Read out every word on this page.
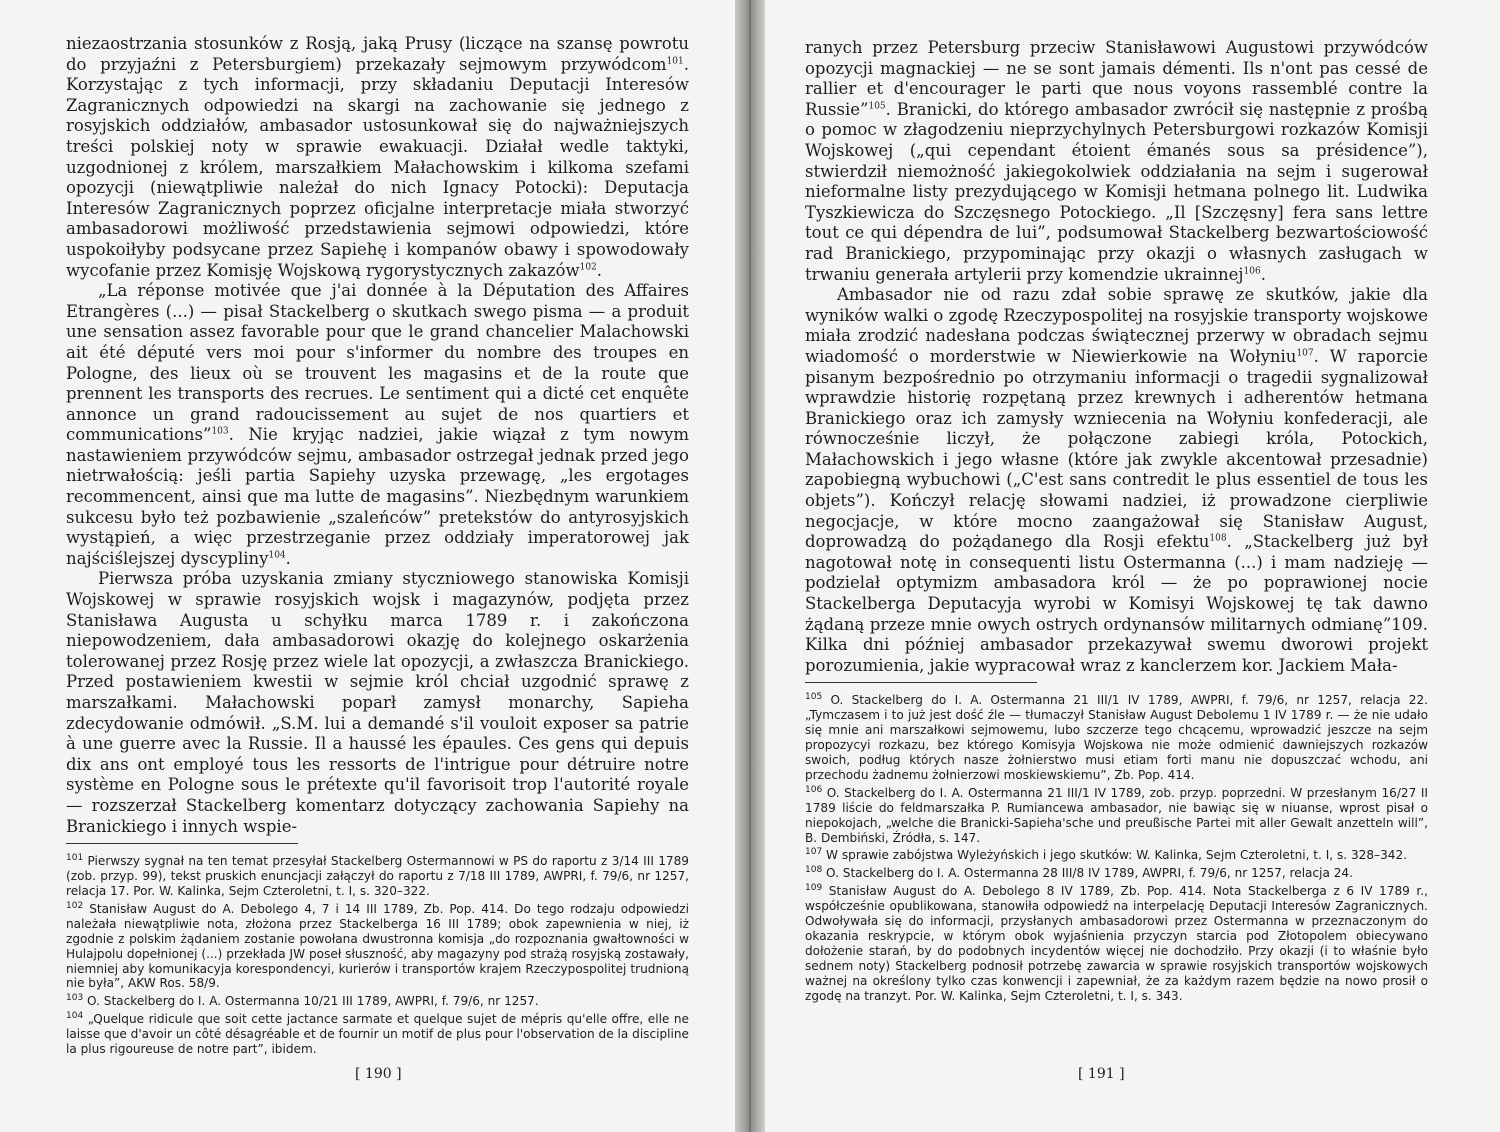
niezaostrzania stosunków z Rosją, jaką Prusy (liczące na szansę powrotu do przyjaźni z Petersburgiem) przekazały sejmowym przywódcom$^{101}$. Korzystając z tych informacji, przy składaniu Deputacji Interesów Zagranicznych odpowiedzi na skargi na zachowanie się jednego z rosyjskich oddziałów, ambasador ustosunkował się do najważniejszych treści polskiej noty w sprawie ewakuacji. Działał wedle taktyki, uzgodnionej z królem, marszałkiem Małachowskim i kilkoma szefami opozycji (niewątpliwie należał do nich Ignacy Potocki): Deputacja Interesów Zagranicznych poprzez oficjalne interpretacje miała stworzyć ambasadorowi możliwość przedstawienia sejmowi odpowiedzi, które uspokoiłyby podsycane przez Sapiehę i kompanów obawy i spowodowały wycofanie przez Komisję Wojskową rygorystycznych zakazów$^{102}$.

„La réponse motivée que j'ai donnée à la Députation des Affaires Etrangères (...) — pisał Stackelberg o skutkach swego pisma — a produit une sensation assez favorable pour que le grand chancelier Malachowski ait été député vers moi pour s'informer du nombre des troupes en Pologne, des lieux où se trouvent les magasins et de la route que prennent les transports des recrues. Le sentiment qui a dicté cet enquête annonce un grand radoucissement au sujet de nos quartiers et communications”$^{103}$. Nie kryjąc nadziei, jakie wiązał z tym nowym nastawieniem przywódców sejmu, ambasador ostrzegał jednak przed jego nietrwałością: jeśli partia Sapiehy uzyska przewagę, „les ergotages recommencent, ainsi que ma lutte de magasins”. Niezbędnym warunkiem sukcesu było też pozbawienie „szaleńców” pretekstów do antyrosyjskich wystąpień, a więc przestrzeganie przez oddziały imperatorowej jak najściślejszej dyscypliny$^{104}$.

Pierwsza próba uzyskania zmiany styczniowego stanowiska Komisji Wojskowej w sprawie rosyjskich wojsk i magazynów, podjęta przez Stanisława Augusta u schyłku marca 1789 r. i zakończona niepowodzeniem, dała ambasadorowi okazję do kolejnego oskarżenia tolerowanej przez Rosję przez wiele lat opozycji, a zwłaszcza Branickiego. Przed postawieniem kwestii w sejmie król chciał uzgodnić sprawę z marszałkami. Małachowski poparł zamysł monarchy, Sapieha zdecydowanie odmówił. „S.M. lui a demandé s'il vouloit exposer sa patrie à une guerre avec la Russie. Il a haussé les épaules. Ces gens qui depuis dix ans ont employé tous les ressorts de l'intrigue pour détruire notre système en Pologne sous le prétexte qu'il favorisoit trop l'autorité royale — rozszerzał Stackelberg komentarz dotyczący zachowania Sapiehy na Branickiego i innych wspie-

$^{101}$ Pierwszy sygnał na ten temat przesyłał Stackelberg Ostermannowi w PS do raportu z 3/14 III 1789 (zob. przyp. 99), tekst pruskich enuncjacji załączył do raportu z 7/18 III 1789, AWPRI, f. 79/6, nr 1257, relacja 17. Por. W. Kalinka, Sejm Czteroletni, t. I, s. 320–322.

$^{102}$ Stanisław August do A. Debolego 4, 7 i 14 III 1789, Zb. Pop. 414. Do tego rodzaju odpowiedzi należała niewątpliwie nota, złożona przez Stackelberga 16 III 1789; obok zapewnienia w niej, iż zgodnie z polskim żądaniem zostanie powołana dwustronna komisja „do rozpoznania gwałtowności w Hulajpolu dopełnionej (...) przekłada JW poseł słuszność, aby magazyny pod strażą rosyjską zostawały, niemniej aby komunikacyja korespondencyi, kurierów i transportów krajem Rzeczypospolitej trudnioną nie była”, AKW Ros. 58/9.

$^{103}$ O. Stackelberg do I. A. Ostermanna 10/21 III 1789, AWPRI, f. 79/6, nr 1257.

$^{104}$ „Quelque ridicule que soit cette jactance sarmate et quelque sujet de mépris qu'elle offre, elle ne laisse que d'avoir un côté désagréable et de fournir un motif de plus pour l'observation de la discipline la plus rigoureuse de notre part”, ibidem.

[ 190 ]

ranych przez Petersburg przeciw Stanisławowi Augustowi przywódców opozycji magnackiej — ne se sont jamais démenti. Ils n'ont pas cessé de rallier et d'encourager le parti que nous voyons rassemblé contre la Russie”$^{105}$. Branicki, do którego ambasador zwrócił się następnie z prośbą o pomoc w złagodzeniu nieprzychylnych Petersburgowi rozkazów Komisji Wojskowej („qui cependant étoient émanés sous sa présidence”), stwierdził niemożność jakiegokolwiek oddziałania na sejm i sugerował nieformalne listy prezydującego w Komisji hetmana polnego lit. Ludwika Tyszkiewicza do Szczęsnego Potockiego. „Il [Szczęsny] fera sans lettre tout ce qui dépendra de lui”, podsumował Stackelberg bezwartościowość rad Branickiego, przypominając przy okazji o własnych zasługach w trwaniu generała artylerii przy komendzie ukrainnej$^{106}$.

Ambasador nie od razu zdał sobie sprawę ze skutków, jakie dla wyników walki o zgodę Rzeczypospolitej na rosyjskie transporty wojskowe miała zrodzić nadesłana podczas świątecznej przerwy w obradach sejmu wiadomość o morderstwie w Niewierkowie na Wołyniu$^{107}$. W raporcie pisanym bezpośrednio po otrzymaniu informacji o tragedii sygnalizował wprawdzie historię rozpętaną przez krewnych i adherentów hetmana Branickiego oraz ich zamysły wzniecenia na Wołyniu konfederacji, ale równocześnie liczył, że połączone zabiegi króla, Potockich, Małachowskich i jego własne (które jak zwykle akcentował przesadnie) zapobiegną wybuchowi („C'est sans contredit le plus essentiel de tous les objets”). Kończył relację słowami nadziei, iż prowadzone cierpliwie negocjacje, w które mocno zaangażował się Stanisław August, doprowadzą do pożądanego dla Rosji efektu$^{108}$. „Stackelberg już był nagotował notę in consequenti listu Ostermanna (...) i mam nadzieję — podzielał optymizm ambasadora król — że po poprawionej nocie Stackelberga Deputacyja wyrobi w Komisyi Wojskowej tę tak dawno żądaną przeze mnie owych ostrych ordynansów militarnych odmianę”109. Kilka dni później ambasador przekazywał swemu dworowi projekt porozumienia, jakie wypracował wraz z kanclerzem kor. Jackiem Mała-

$^{105}$ O. Stackelberg do I. A. Ostermanna 21 III/1 IV 1789, AWPRI, f. 79/6, nr 1257, relacja 22. „Tymczasem i to już jest dość źle — tłumaczył Stanisław August Debolemu 1 IV 1789 r. — że nie udało się mnie ani marszałkowi sejmowemu, lubo szczerze tego chcącemu, wprowadzić jeszcze na sejm propozycyi rozkazu, bez którego Komisyja Wojskowa nie może odmienić dawniejszych rozkazów swoich, podług których nasze żołnierstwo musi etiam forti manu nie dopuszczać wchodu, ani przechodu żadnemu żołnierzowi moskiewskiemu”, Zb. Pop. 414.

$^{106}$ O. Stackelberg do I. A. Ostermanna 21 III/1 IV 1789, zob. przyp. poprzedni. W przesłanym 16/27 II 1789 liście do feldmarszałka P. Rumiancewa ambasador, nie bawiąc się w niuanse, wprost pisał o niepokojach, „welche die Branicki-Sapieha'sche und preußische Partei mit aller Gewalt anzetteln will”, B. Dembiński, Źródła, s. 147.

$^{107}$ W sprawie zabójstwa Wyleżyńskich i jego skutków: W. Kalinka, Sejm Czteroletni, t. I, s. 328–342.

$^{108}$ O. Stackelberg do I. A. Ostermanna 28 III/8 IV 1789, AWPRI, f. 79/6, nr 1257, relacja 24.

$^{109}$ Stanisław August do A. Debolego 8 IV 1789, Zb. Pop. 414. Nota Stackelberga z 6 IV 1789 r., współcześnie opublikowana, stanowiła odpowiedź na interpelację Deputacji Interesów Zagranicznych. Odwoływała się do informacji, przysłanych ambasadorowi przez Ostermanna w przeznaczonym do okazania reskrypcie, w którym obok wyjaśnienia przyczyn starcia pod Złotopolem obiecywano dołożenie starań, by do podobnych incydentów więcej nie dochodziło. Przy okazji (i to właśnie było sednem noty) Stackelberg podnosił potrzebę zawarcia w sprawie rosyjskich transportów wojskowych ważnej na określony tylko czas konwencji i zapewniał, że za każdym razem będzie na nowo prosił o zgodę na tranzyt. Por. W. Kalinka, Sejm Czteroletni, t. I, s. 343.

[ 191 ]
